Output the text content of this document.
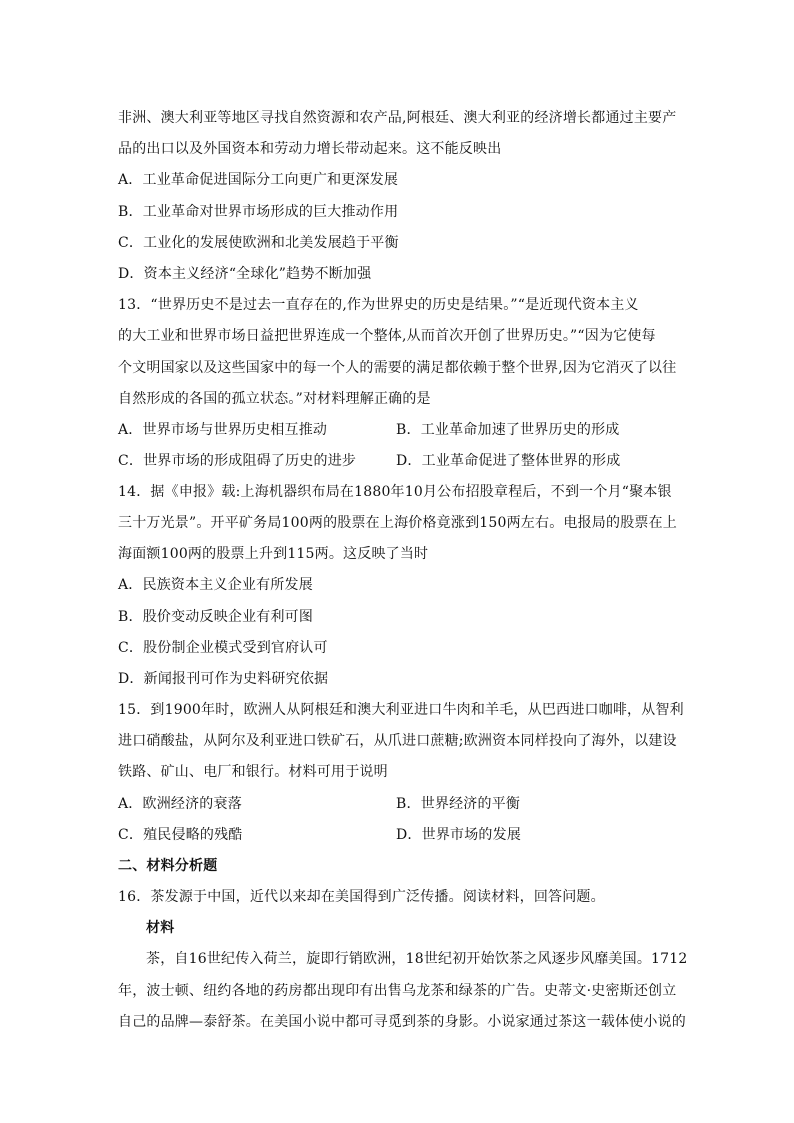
非洲、澳大利亚等地区寻找自然资源和农产品,阿根廷、澳大利亚的经济增长都通过主要产
品的出口以及外国资本和劳动力增长带动起来。这不能反映出
A．工业革命促进国际分工向更广和更深发展
B．工业革命对世界市场形成的巨大推动作用
C．工业化的发展使欧洲和北美发展趋于平衡
D．资本主义经济“全球化”趋势不断加强
13．“世界历史不是过去一直存在的,作为世界史的历史是结果。”“是近现代资本主义
的大工业和世界市场日益把世界连成一个整体,从而首次开创了世界历史。”“因为它使每
个文明国家以及这些国家中的每一个人的需要的满足都依赖于整个世界,因为它消灭了以往
自然形成的各国的孤立状态。”对材料理解正确的是
A．世界市场与世界历史相互推动	B．工业革命加速了世界历史的形成
C．世界市场的形成阻碍了历史的进步	D．工业革命促进了整体世界的形成
14．据《申报》载:上海机器织布局在1880年10月公布招股章程后，不到一个月“聚本银
三十万光景”。开平矿务局100两的股票在上海价格竟涨到150两左右。电报局的股票在上
海面额100两的股票上升到115两。这反映了当时
A．民族资本主义企业有所发展
B．股价变动反映企业有利可图
C．股份制企业模式受到官府认可
D．新闻报刊可作为史料研究依据
15．到1900年时，欧洲人从阿根廷和澳大利亚进口牛肉和羊毛，从巴西进口咖啡，从智利
进口硝酸盐，从阿尔及利亚进口铁矿石，从爪进口蔗糖;欧洲资本同样投向了海外，以建设
铁路、矿山、电厂和银行。材料可用于说明
A．欧洲经济的衰落	B．世界经济的平衡
C．殖民侵略的残酷	D．世界市场的发展
二、材料分析题
16．茶发源于中国，近代以来却在美国得到广泛传播。阅读材料，回答问题。
材料
茶，自16世纪传入荷兰，旋即行销欧洲，18世纪初开始饮茶之风逐步风靡美国。1712
年，波士顿、纽约各地的药房都出现印有出售乌龙茶和绿茶的广告。史蒂文·史密斯还创立
自己的品牌—泰舒茶。在美国小说中都可寻觅到茶的身影。小说家通过茶这一载体使小说的
